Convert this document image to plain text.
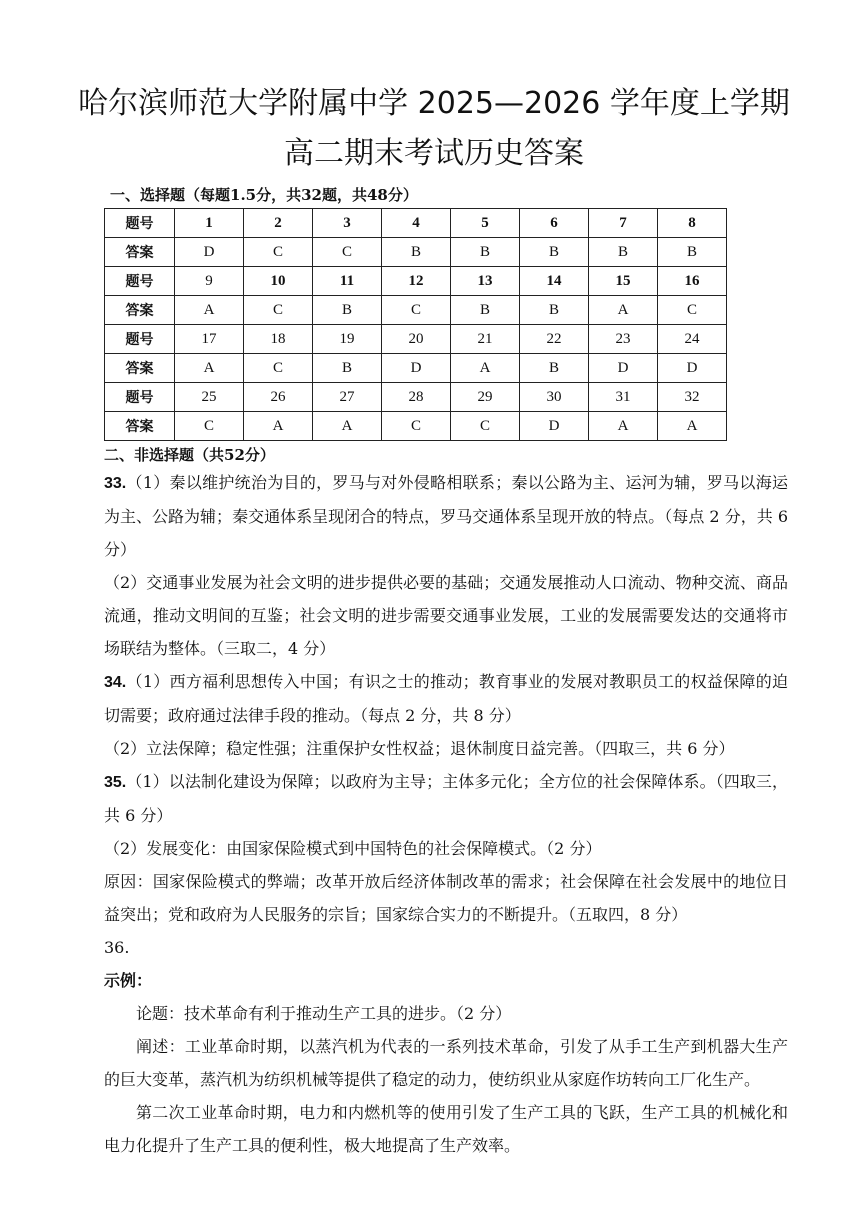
哈尔滨师范大学附属中学 2025—2026 学年度上学期
高二期末考试历史答案
一、选择题（每题1.5分，共32题，共48分）
题号	1	2	3	4	5	6	7	8
答案	D	C	C	B	B	B	B	B
题号	9	10	11	12	13	14	15	16
答案	A	C	B	C	B	B	A	C
题号	17	18	19	20	21	22	23	24
答案	A	C	B	D	A	B	D	D
题号	25	26	27	28	29	30	31	32
答案	C	A	A	C	C	D	A	A
二、非选择题（共52分）

33.（1）秦以维护统治为目的，罗马与对外侵略相联系；秦以公路为主、运河为辅，罗马以海运为主、公路为辅；秦交通体系呈现闭合的特点，罗马交通体系呈现开放的特点。（每点 2 分，共 6 分）

（2）交通事业发展为社会文明的进步提供必要的基础；交通发展推动人口流动、物种交流、商品流通，推动文明间的互鉴；社会文明的进步需要交通事业发展，工业的发展需要发达的交通将市场联结为整体。（三取二，4 分）

34.（1）西方福利思想传入中国；有识之士的推动；教育事业的发展对教职员工的权益保障的迫切需要；政府通过法律手段的推动。（每点 2 分，共 8 分）

（2）立法保障；稳定性强；注重保护女性权益；退休制度日益完善。（四取三，共 6 分）

35.（1）以法制化建设为保障；以政府为主导；主体多元化；全方位的社会保障体系。（四取三，共 6 分）

（2）发展变化：由国家保险模式到中国特色的社会保障模式。（2 分）

原因：国家保险模式的弊端；改革开放后经济体制改革的需求；社会保障在社会发展中的地位日益突出；党和政府为人民服务的宗旨；国家综合实力的不断提升。（五取四，8 分）

36.

示例：

论题：技术革命有利于推动生产工具的进步。（2 分）

阐述：工业革命时期，以蒸汽机为代表的一系列技术革命，引发了从手工生产到机器大生产的巨大变革，蒸汽机为纺织机械等提供了稳定的动力，使纺织业从家庭作坊转向工厂化生产。

第二次工业革命时期，电力和内燃机等的使用引发了生产工具的飞跃，生产工具的机械化和电力化提升了生产工具的便利性，极大地提高了生产效率。
